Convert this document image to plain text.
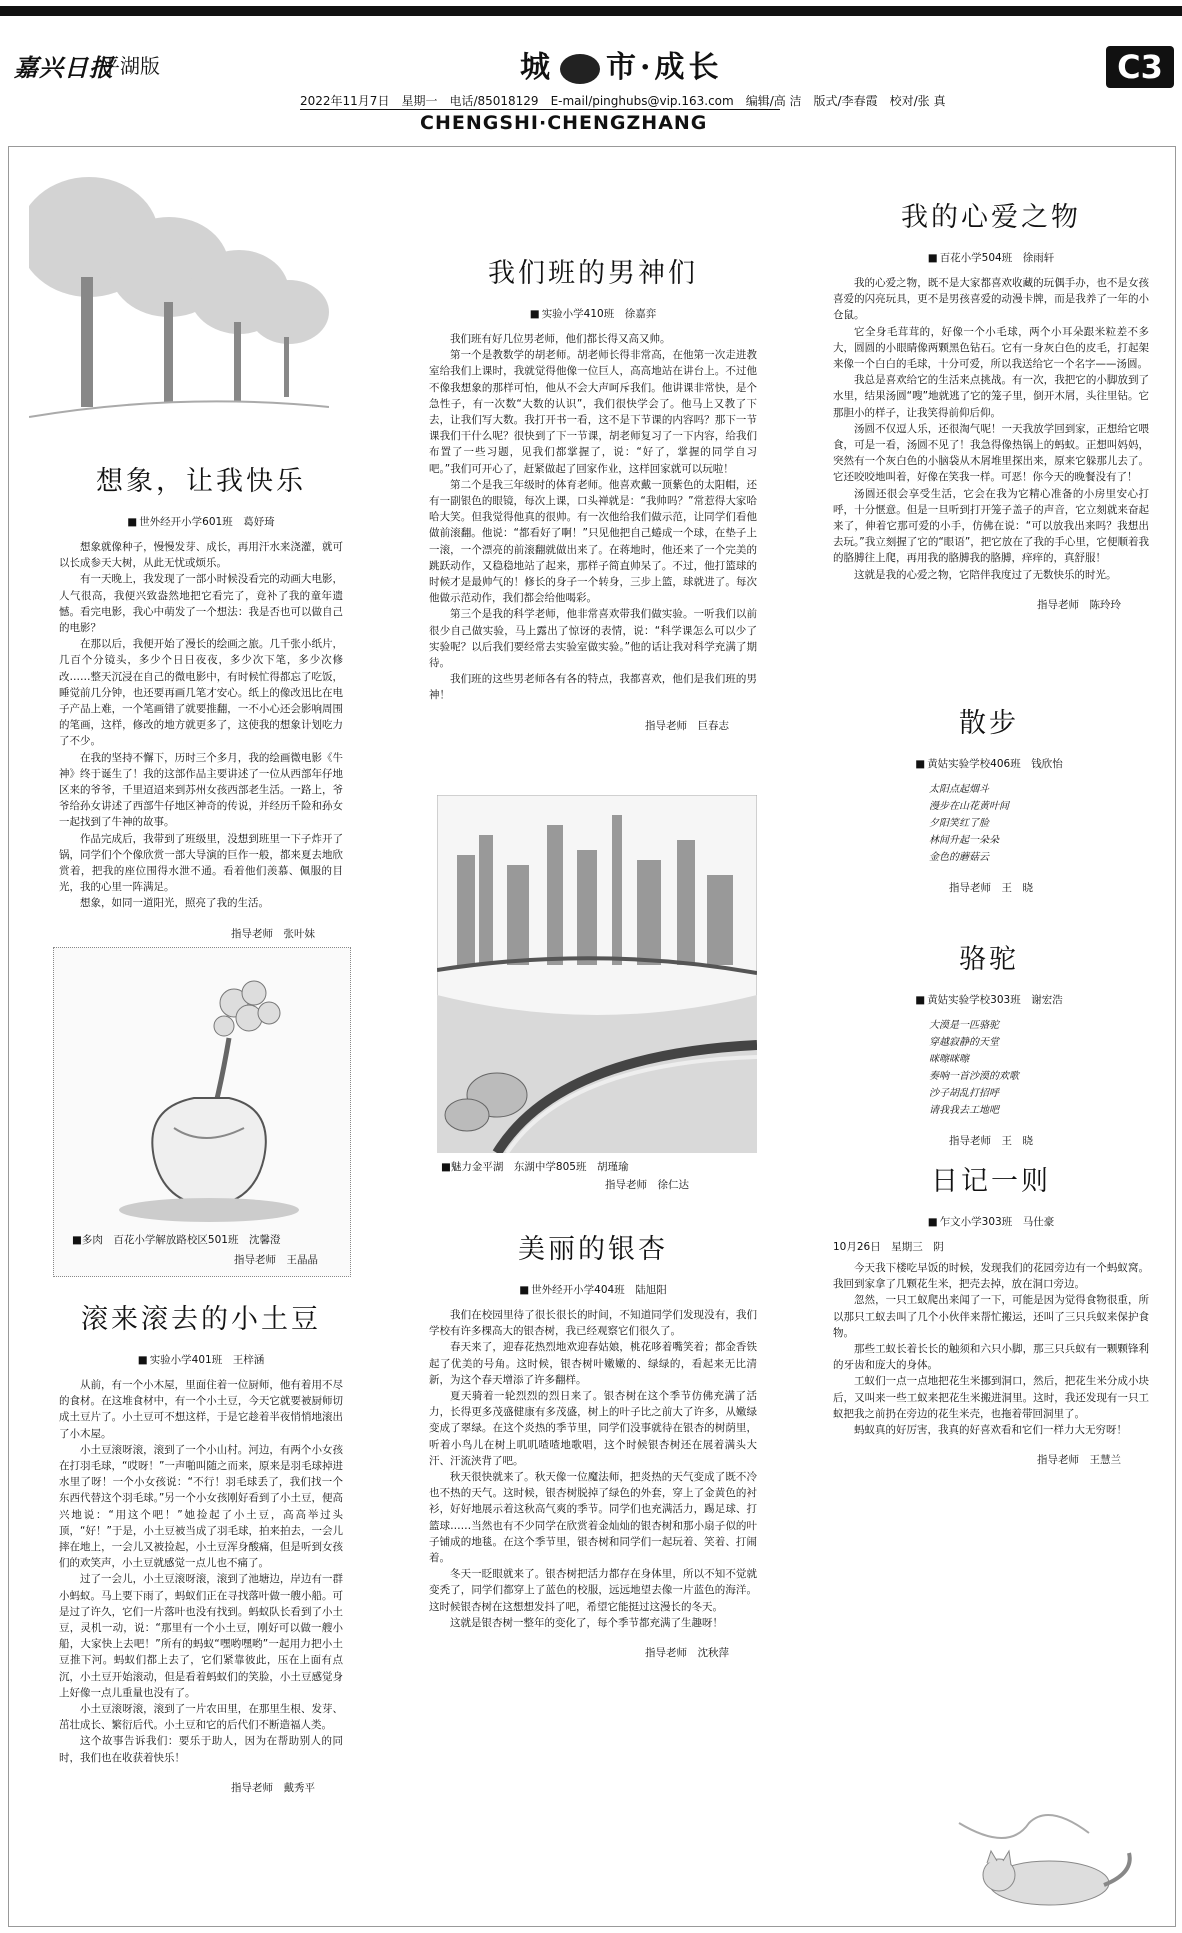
嘉兴日报
平湖版	城 市·成长
2022年11月7日　星期一　电话/85018129　E-mail/pinghubs@vip.163.com　编辑/高 洁　版式/李春霞　校对/张 真
CHENGSHI·CHENGZHANG
C3
想象，让我快乐
■ 世外经开小学601班　葛妤琦

想象就像种子，慢慢发芽、成长，再用汗水来浇灌，就可以长成参天大树，从此无忧或烦乐。

有一天晚上，我发现了一部小时候没看完的动画大电影，人气很高，我便兴致盎然地把它看完了，竟补了我的童年遗憾。看完电影，我心中萌发了一个想法：我是否也可以做自己的电影？

在那以后，我便开始了漫长的绘画之旅。几千张小纸片，几百个分镜头，多少个日日夜夜，多少次下笔，多少次修改……整天沉浸在自己的微电影中，有时候忙得都忘了吃饭，睡觉前几分钟，也还要再画几笔才安心。纸上的像改迅比在电子产品上难，一个笔画错了就要推翻，一不小心还会影响周围的笔画，这样，修改的地方就更多了，这使我的想象计划吃力了不少。

在我的坚持不懈下，历时三个多月，我的绘画微电影《牛神》终于诞生了！我的这部作品主要讲述了一位从西部年仔地区来的爷爷，千里迢迢来到苏州女孩西部老生活。一路上，爷爷给孙女讲述了西部牛仔地区神奇的传说，并经历千险和孙女一起找到了牛神的故事。

作品完成后，我带到了班级里，没想到班里一下子炸开了锅，同学们个个像欣赏一部大导演的巨作一般，都来夏去地欣赏着，把我的座位围得水泄不通。看着他们羡慕、佩服的目光，我的心里一阵满足。

想象，如同一道阳光，照亮了我的生活。

指导老师　张叶妹
■多肉　百花小学解放路校区501班　沈馨澄
指导老师　王晶晶
滚来滚去的小土豆
■ 实验小学401班　王梓涵

从前，有一个小木屋，里面住着一位厨师，他有着用不尽的食材。在这堆食材中，有一个小土豆，今天它就要被厨师切成土豆片了。小土豆可不想这样，于是它趁着半夜悄悄地滚出了小木屋。

小土豆滚呀滚，滚到了一个小山村。河边，有两个小女孩在打羽毛球，“哎呀！”一声啪叫随之而来，原来是羽毛球掉进水里了呀！一个小女孩说：“不行！羽毛球丢了，我们找一个东西代替这个羽毛球。”另一个小女孩刚好看到了小土豆，便高兴地说：“用这个吧！”她捡起了小土豆，高高举过头顶，“好！”于是，小土豆被当成了羽毛球，拍来拍去，一会儿摔在地上，一会儿又被捡起，小土豆浑身酸痛，但是听到女孩们的欢笑声，小土豆就感觉一点儿也不痛了。

过了一会儿，小土豆滚呀滚，滚到了池塘边，岸边有一群小蚂蚁。马上要下雨了，蚂蚁们正在寻找落叶做一艘小船。可是过了许久，它们一片落叶也没有找到。蚂蚁队长看到了小土豆，灵机一动，说：“那里有一个小土豆，刚好可以做一艘小船，大家快上去吧！”所有的蚂蚁“嘿哟嘿哟”一起用力把小土豆推下河。蚂蚁们都上去了，它们紧靠彼此，压在上面有点沉，小土豆开始滚动，但是看着蚂蚁们的笑脸，小土豆感觉身上好像一点儿重量也没有了。

小土豆滚呀滚，滚到了一片农田里，在那里生根、发芽、茁壮成长、繁衍后代。小土豆和它的后代们不断造福人类。

这个故事告诉我们：要乐于助人，因为在帮助别人的同时，我们也在收获着快乐！

指导老师　戴秀平
我们班的男神们
■ 实验小学410班　徐嘉弈

我们班有好几位男老师，他们都长得又高又帅。

第一个是教数学的胡老师。胡老师长得非常高，在他第一次走进教室给我们上课时，我就觉得他像一位巨人，高高地站在讲台上。不过他不像我想象的那样可怕，他从不会大声呵斥我们。他讲课非常快，是个急性子，有一次数“大数的认识”，我们很快学会了。他马上又教了下去，让我们写大数。我打开书一看，这不是下节课的内容吗？那下一节课我们干什么呢？很快到了下一节课，胡老师复习了一下内容，给我们布置了一些习题，见我们都掌握了，说：“好了，掌握的同学自习吧。”我们可开心了，赶紧做起了回家作业，这样回家就可以玩啦！

第二个是我三年级时的体育老师。他喜欢戴一顶紫色的太阳帽，还有一副银色的眼镜，每次上课，口头禅就是：“我帅吗？”常惹得大家哈哈大笑。但我觉得他真的很帅。有一次他给我们做示范，让同学们看他做前滚翻。他说：“都看好了啊！”只见他把自己蜷成一个球，在垫子上一滚，一个漂亮的前滚翻就做出来了。在蒋地时，他还来了一个完美的跳跃动作，又稳稳地站了起来，那样子简直帅呆了。不过，他打篮球的时候才是最帅气的！修长的身子一个转身，三步上篮，球就进了。每次他做示范动作，我们都会给他喝彩。

第三个是我的科学老师，他非常喜欢带我们做实验。一听我们以前很少自己做实验，马上露出了惊讶的表情，说：“科学课怎么可以少了实验呢？以后我们要经常去实验室做实验。”他的话让我对科学充满了期待。

我们班的这些男老师各有各的特点，我都喜欢，他们是我们班的男神！

指导老师　巨春志
■魅力金平湖　东湖中学805班　胡瑾瑜
指导老师　徐仁达
美丽的银杏
■ 世外经开小学404班　陆旭阳

我们在校园里待了很长很长的时间，不知道同学们发现没有，我们学校有许多棵高大的银杏树，我已经观察它们很久了。

春天来了，迎春花热烈地欢迎春姑娘，桃花哆着嘴笑着；都金香铁起了优美的号角。这时候，银杏树叶嫩嫩的、绿绿的，看起来无比清新，为这个春天增添了许多翻样。

夏天骑着一轮烈烈的烈日来了。银杏树在这个季节仿佛充满了活力，长得更多茂盛健康有多茂盛，树上的叶子比之前大了许多，从嫩绿变成了翠绿。在这个炎热的季节里，同学们没事就待在银杏的树荫里，听着小鸟儿在树上叽叽喳喳地歌唱，这个时候银杏树还在展着满头大汗、汗流浃背了吧。

秋天很快就来了。秋天像一位魔法师，把炎热的天气变成了既不冷也不热的天气。这时候，银杏树脱掉了绿色的外套，穿上了金黄色的衬衫，好好地展示着这秋高气爽的季节。同学们也充满活力，踢足球、打篮球……当然也有不少同学在欣赏着金灿灿的银杏树和那小扇子似的叶子铺成的地毯。在这个季节里，银杏树和同学们一起玩着、笑着、打闹着。

冬天一眨眼就来了。银杏树把活力都存在身体里，所以不知不觉就变秃了，同学们都穿上了蓝色的校服，远远地望去像一片蓝色的海洋。这时候银杏树在这想想发抖了吧，希望它能挺过这漫长的冬天。

这就是银杏树一整年的变化了，每个季节都充满了生趣呀！

指导老师　沈秋萍
我的心爱之物
■ 百花小学504班　徐雨轩

我的心爱之物，既不是大家都喜欢收藏的玩偶手办，也不是女孩喜爱的闪亮玩具，更不是男孩喜爱的动漫卡牌，而是我养了一年的小仓鼠。

它全身毛茸茸的，好像一个小毛球，两个小耳朵跟米粒差不多大，圆圆的小眼睛像两颗黑色钻石。它有一身灰白色的皮毛，打起架来像一个白白的毛球，十分可爱，所以我送给它一个名字——汤圆。

我总是喜欢给它的生活来点挑战。有一次，我把它的小脚放到了水里，结果汤圆“嗖”地就逃了它的笼子里，倒开木屑，头往里钻。它那胆小的样子，让我笑得前仰后仰。

汤圆不仅逗人乐，还很淘气呢！一天我放学回到家，正想给它喂食，可是一看，汤圆不见了！我急得像热锅上的蚂蚁。正想叫妈妈，突然有一个灰白色的小脑袋从木屑堆里探出来，原来它躲那儿去了。它还咬咬地叫着，好像在笑我一样。可恶！你今天的晚餐没有了！

汤圆还很会享受生活，它会在我为它精心准备的小房里安心打呼，十分惬意。但是一旦听到打开笼子盖子的声音，它立刻就来奋起来了，伸着它那可爱的小手，仿佛在说：“可以放我出来吗？我想出去玩。”我立刻握了它的“眼语”，把它放在了我的手心里，它便顺着我的胳膊往上爬，再用我的胳膊我的胳膊，痒痒的，真舒服！

这就是我的心爱之物，它陪伴我度过了无数快乐的时光。

指导老师　陈玲玲
散步
■ 黄姑实验学校406班　钱欣怡

太阳点起烟斗

漫步在山花黄叶间

夕阳笑红了脸

林间升起一朵朵

金色的蘑菇云

指导老师　王　晓
骆驼
■ 黄姑实验学校303班　谢宏浩

大漠是一匹骆驼

穿越寂静的天堂

咪嚓咪嚓

奏响一首沙漠的欢歌

沙子胡乱打招呼

请我我去工地吧

指导老师　王　晓
日记一则
■ 乍文小学303班　马仕豪
10月26日　星期三　阴

今天我下楼吃早饭的时候，发现我们的花园旁边有一个蚂蚁窝。我回到家拿了几颗花生米，把壳去掉，放在洞口旁边。

忽然，一只工蚁爬出来闻了一下，可能是因为觉得食物很重，所以那只工蚁去叫了几个小伙伴来帮忙搬运，还叫了三只兵蚁来保护食物。

那些工蚁长着长长的触须和六只小脚，那三只兵蚁有一颗颗锋利的牙齿和庞大的身体。

工蚁们一点一点地把花生米挪到洞口，然后，把花生米分成小块后，又叫来一些工蚁来把花生米搬进洞里。这时，我还发现有一只工蚁把我之前扔在旁边的花生米壳，也拖着带回洞里了。

蚂蚁真的好厉害，我真的好喜欢看和它们一样力大无穷呀！

指导老师　王慧兰
